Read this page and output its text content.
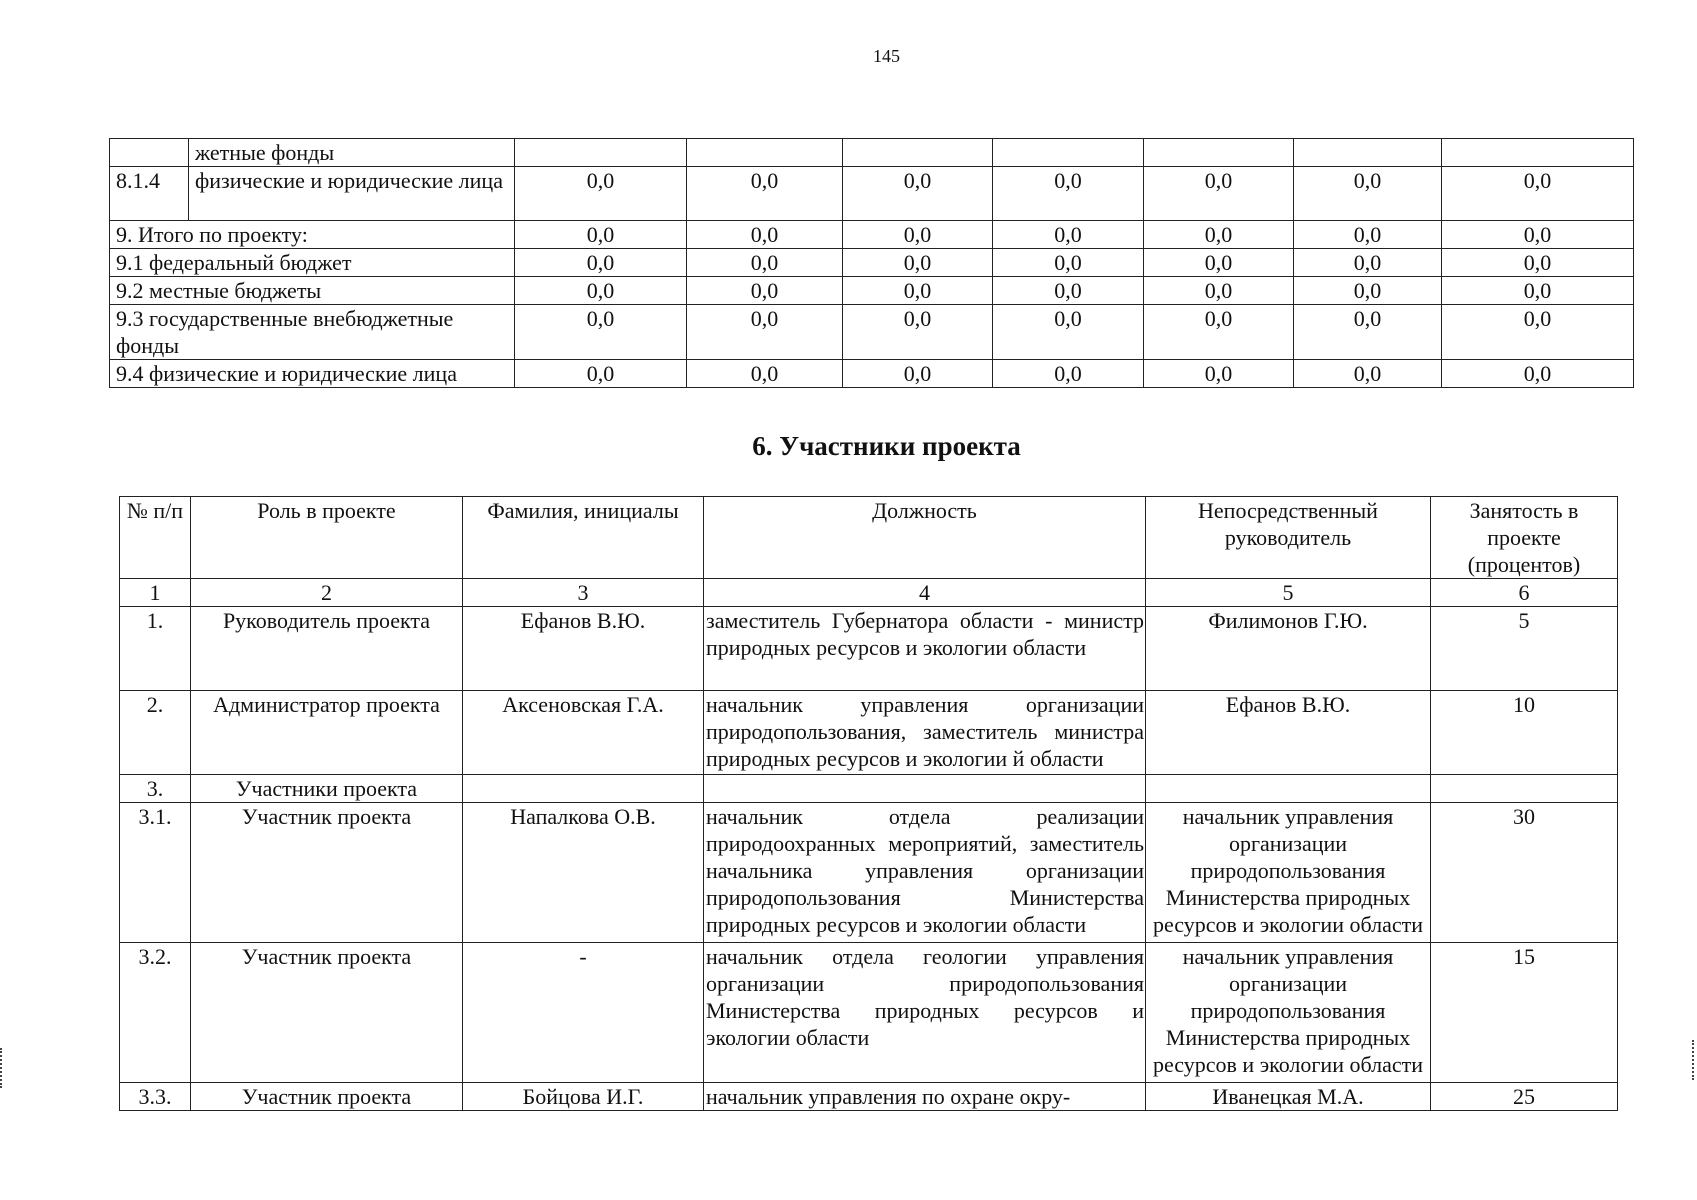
145
	жетные фонды							
8.1.4	физические и юридические лица	0,0	0,0	0,0	0,0	0,0	0,0	0,0
9. Итого по проекту:		0,0	0,0	0,0	0,0	0,0	0,0	0,0
9.1 федеральный бюджет		0,0	0,0	0,0	0,0	0,0	0,0	0,0
9.2 местные бюджеты		0,0	0,0	0,0	0,0	0,0	0,0	0,0
9.3 государственные внебюджетные фонды		0,0	0,0	0,0	0,0	0,0	0,0	0,0
9.4 физические и юридические лица		0,0	0,0	0,0	0,0	0,0	0,0	0,0
6. Участники проекта
№ п/п	Роль в проекте	Фамилия, инициалы	Должность	Непосредственный руководитель	Занятость в проекте (процентов)
1	2	3	4	5	6
1.	Руководитель проекта	Ефанов В.Ю.	заместитель Губернатора области - министр природных ресурсов и экологии области	Филимонов Г.Ю.	5
2.	Администратор проекта	Аксеновская Г.А.	начальник управления организации природопользования, заместитель министра природных ресурсов и экологии й области	Ефанов В.Ю.	10
3.	Участники проекта				
3.1.	Участник проекта	Напалкова О.В.	начальник отдела реализации природоохранных мероприятий, заместитель начальника управления организации природопользования Министерства природных ресурсов и экологии области	начальник управления организации природопользования Министерства природных ресурсов и экологии области	30
3.2.	Участник проекта	-	начальник отдела геологии управления организации природопользования Министерства природных ресурсов и экологии области	начальник управления организации природопользования Министерства природных ресурсов и экологии области	15
3.3.	Участник проекта	Бойцова И.Г.	начальник управления по охране окру-	Иванецкая М.А.	25
